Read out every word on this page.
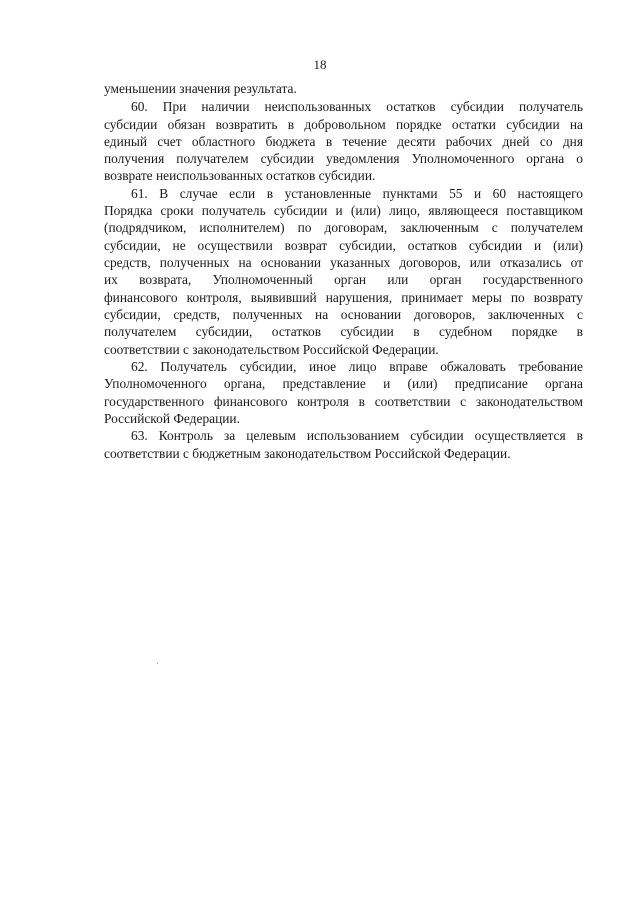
18
уменьшении значения результата.
60. При наличии неиспользованных остатков субсидии получатель
субсидии обязан возвратить в добровольном порядке остатки субсидии на
единый счет областного бюджета в течение десяти рабочих дней со дня
получения получателем субсидии уведомления Уполномоченного органа о
возврате неиспользованных остатков субсидии.
61. В случае если в установленные пунктами 55 и 60 настоящего
Порядка сроки получатель субсидии и (или) лицо, являющееся поставщиком
(подрядчиком, исполнителем) по договорам, заключенным с получателем
субсидии, не осуществили возврат субсидии, остатков субсидии и (или)
средств, полученных на основании указанных договоров, или отказались от
их возврата, Уполномоченный орган или орган государственного
финансового контроля, выявивший нарушения, принимает меры по возврату
субсидии, средств, полученных на основании договоров, заключенных с
получателем субсидии, остатков субсидии в судебном порядке в
соответствии с законодательством Российской Федерации.
62. Получатель субсидии, иное лицо вправе обжаловать требование
Уполномоченного органа, представление и (или) предписание органа
государственного финансового контроля в соответствии с законодательством
Российской Федерации.
63. Контроль за целевым использованием субсидии осуществляется в
соответствии с бюджетным законодательством Российской Федерации.
